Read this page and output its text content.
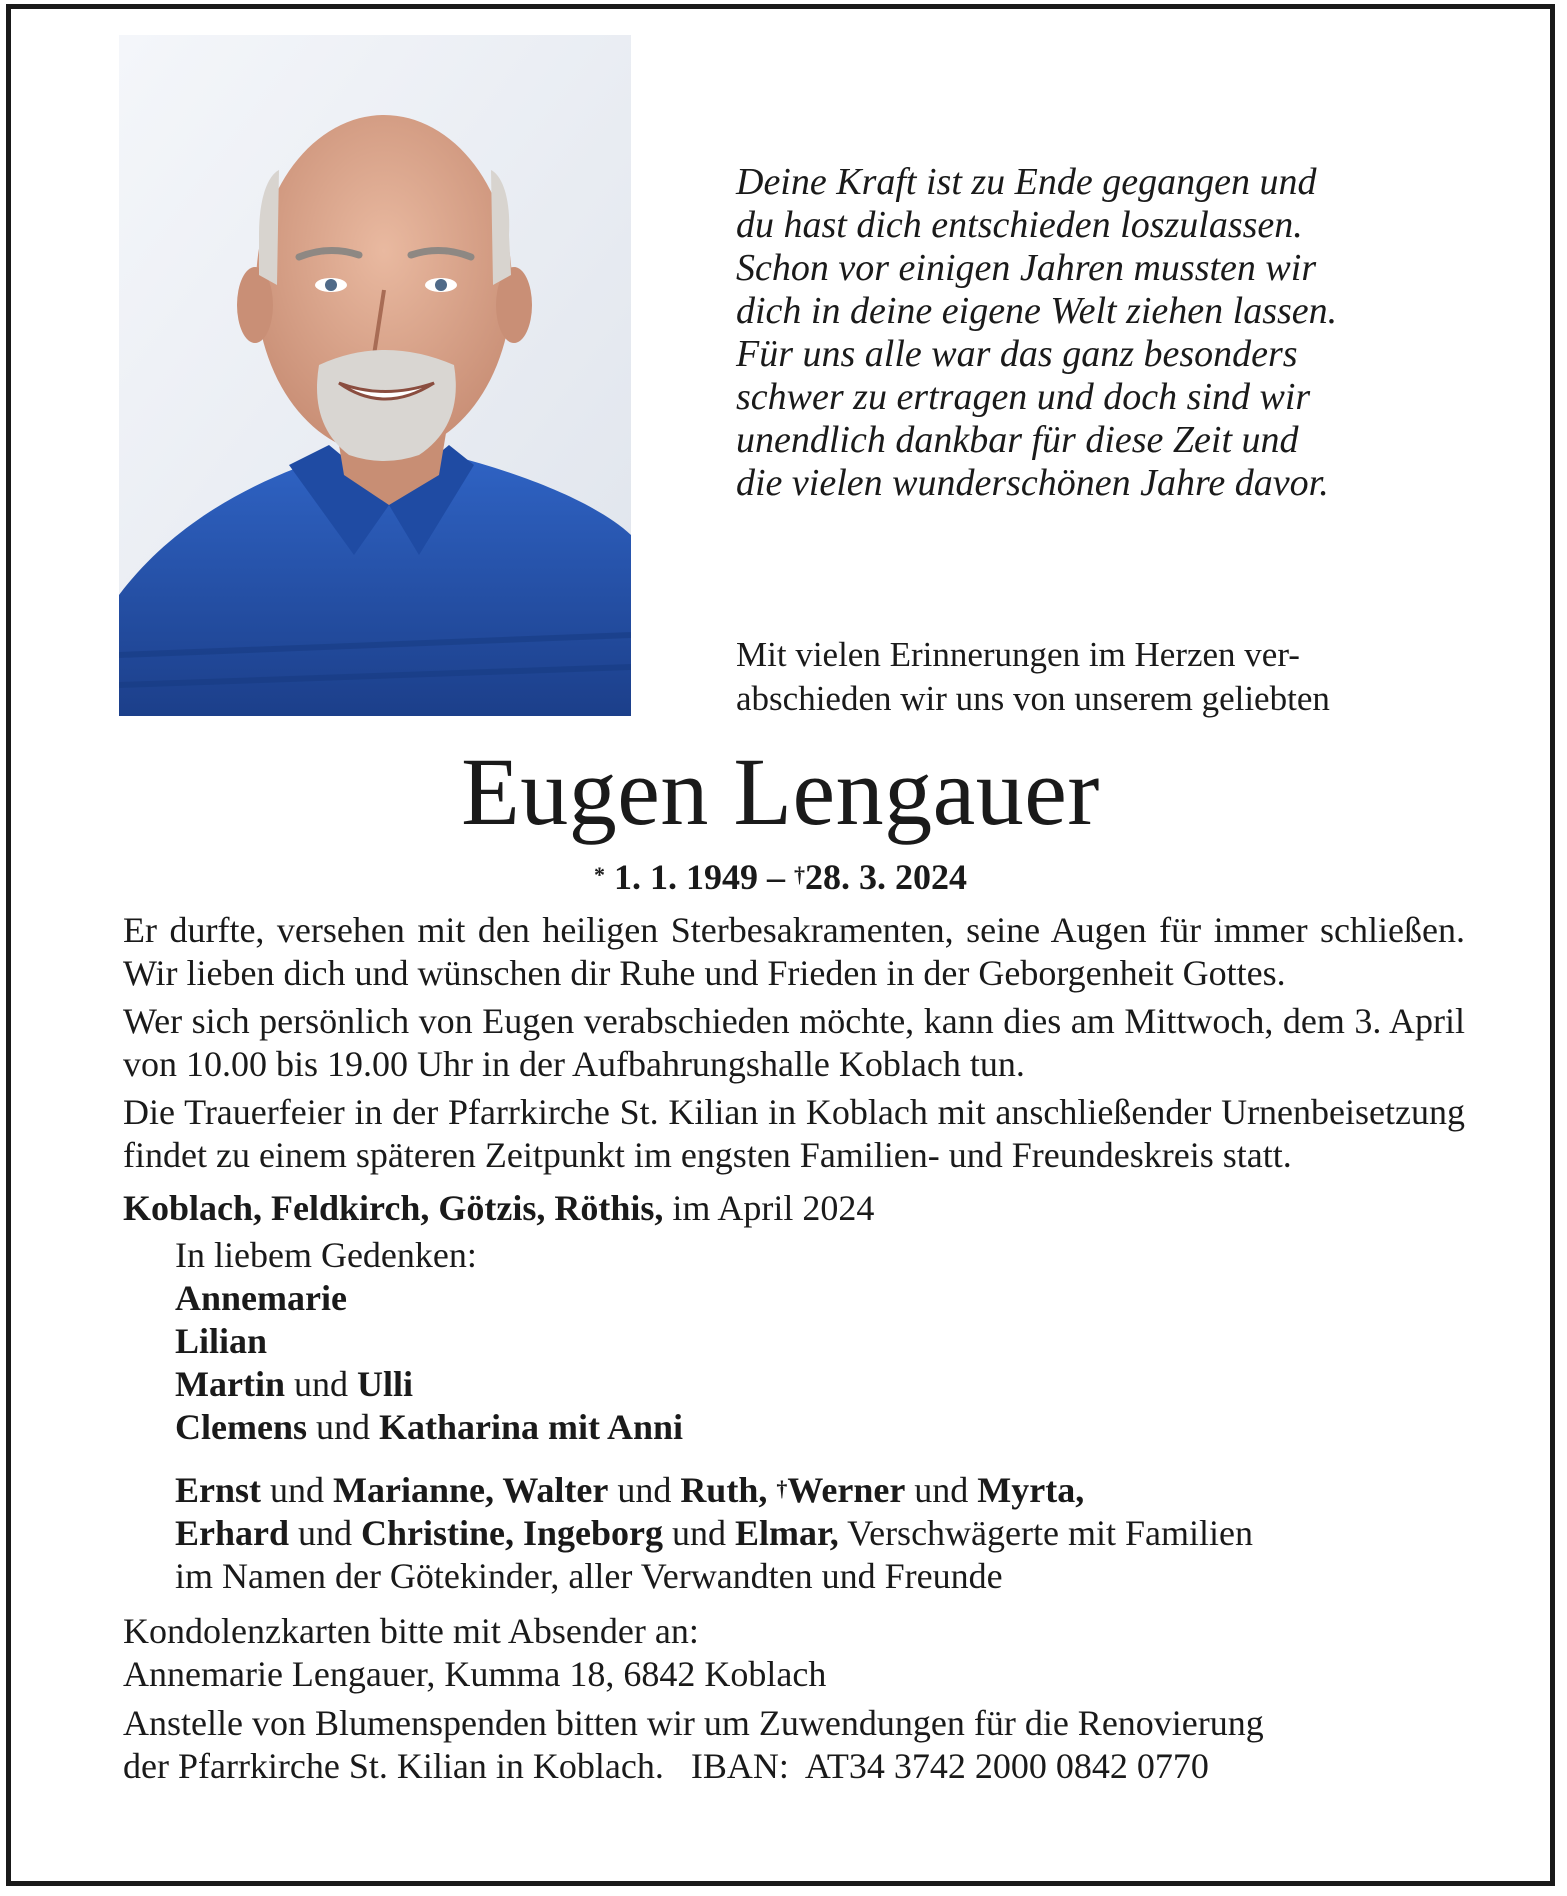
Deine Kraft ist zu Ende gegangen und
du hast dich entschieden loszulassen.
Schon vor einigen Jahren mussten wir
dich in deine eigene Welt ziehen lassen.
Für uns alle war das ganz besonders
schwer zu ertragen und doch sind wir
unendlich dankbar für diese Zeit und
die vielen wunderschönen Jahre davor.
Mit vielen Erinnerungen im Herzen ver-
abschieden wir uns von unserem geliebten
Eugen Lengauer
* 1. 1. 1949 – †28. 3. 2024

Er durfte, versehen mit den heiligen Sterbesakramenten, seine Augen für immer schließen. Wir lieben dich und wünschen dir Ruhe und Frieden in der Geborgenheit Gottes.

Wer sich persönlich von Eugen verabschieden möchte, kann dies am Mittwoch, dem 3. April von 10.00 bis 19.00 Uhr in der Aufbahrungshalle Koblach tun.

Die Trauerfeier in der Pfarrkirche St. Kilian in Koblach mit anschließender Urnenbeisetzung findet zu einem späteren Zeitpunkt im engsten Familien- und Freundeskreis statt.

Koblach, Feldkirch, Götzis, Röthis, im April 2024

In liebem Gedenken:
Annemarie
Lilian
Martin und Ulli
Clemens und Katharina mit Anni
Ernst und Marianne, Walter und Ruth, †Werner und Myrta,
Erhard und Christine, Ingeborg und Elmar, Verschwägerte mit Familien
im Namen der Götekinder, aller Verwandten und Freunde

Kondolenzkarten bitte mit Absender an:
Annemarie Lengauer, Kumma 18, 6842 Koblach

Anstelle von Blumenspenden bitten wir um Zuwendungen für die Renovierung
der Pfarrkirche St. Kilian in Koblach. IBAN: AT34 3742 2000 0842 0770
